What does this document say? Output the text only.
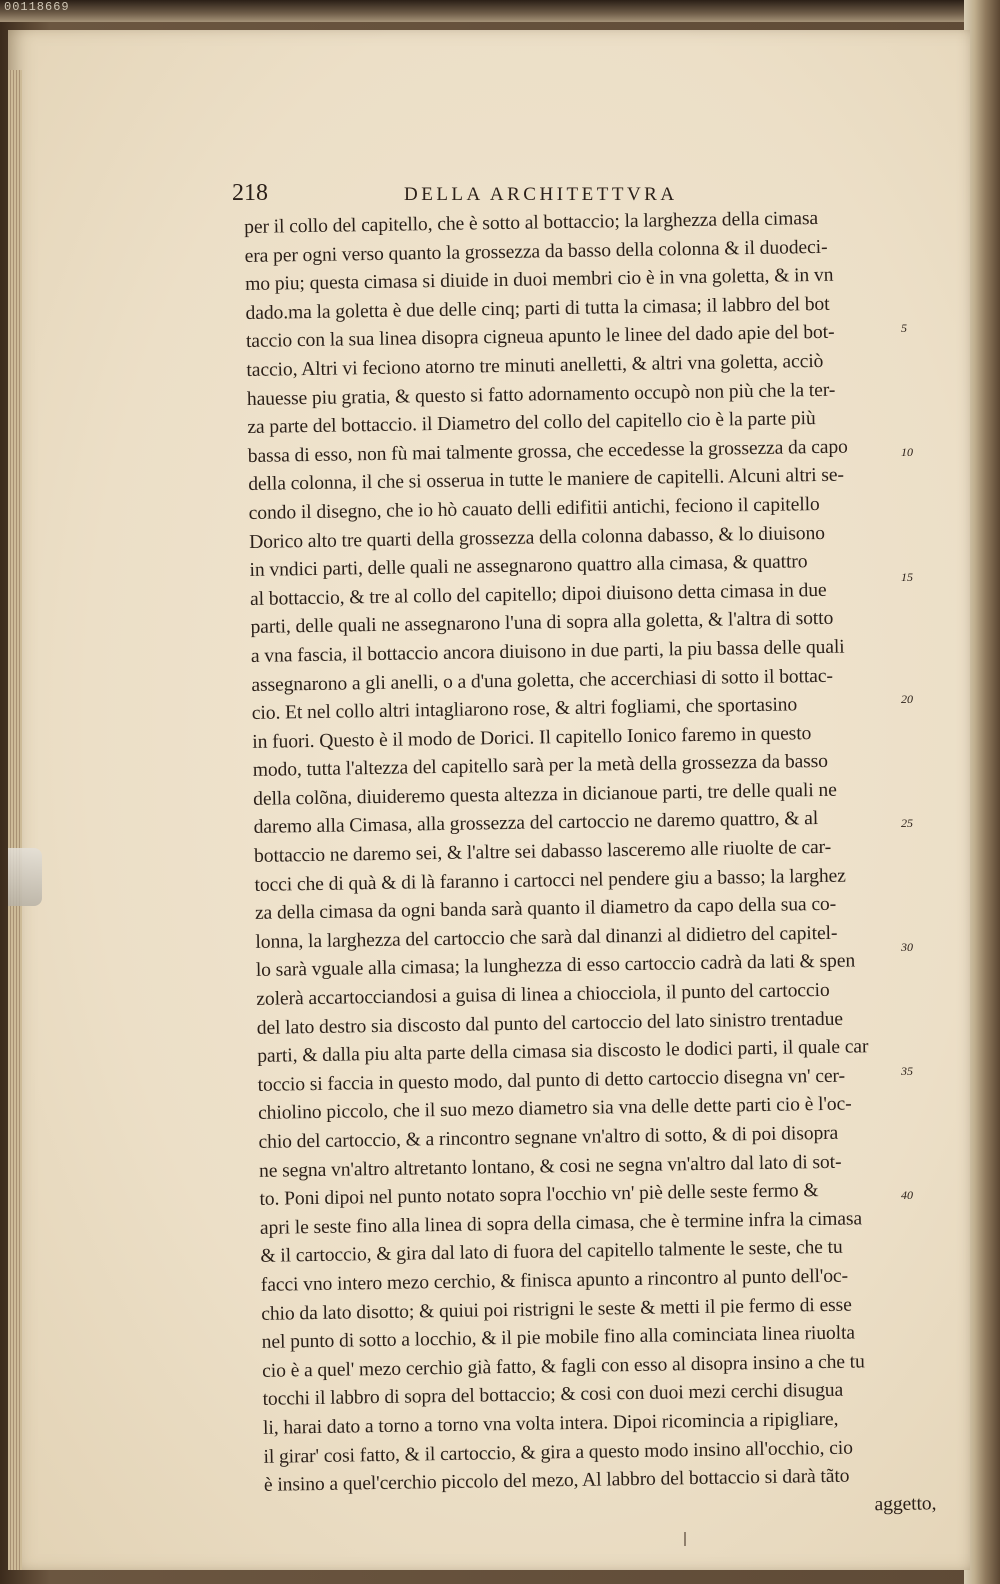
00118669
218	DELLA ARCHITETTVRA
per il collo del capitello, che è sotto al bottaccio; la larghezza della cimasa
era per ogni verso quanto la grossezza da basso della colonna & il duodeci-
mo piu; questa cimasa si diuide in duoi membri cio è in vna goletta, & in vn
dado.ma la goletta è due delle cinq; parti di tutta la cimasa; il labbro del bot
taccio con la sua linea disopra cigneua apunto le linee del dado apie del bot-
taccio, Altri vi feciono atorno tre minuti anelletti, & altri vna goletta, acciò
hauesse piu gratia, & questo si fatto adornamento occupò non più che la ter-
za parte del bottaccio. il Diametro del collo del capitello cio è la parte più
bassa di esso, non fù mai talmente grossa, che eccedesse la grossezza da capo
della colonna, il che si osserua in tutte le maniere de capitelli. Alcuni altri se-
condo il disegno, che io hò cauato delli edifitii antichi, feciono il capitello
Dorico alto tre quarti della grossezza della colonna dabasso, & lo diuisono
in vndici parti, delle quali ne assegnarono quattro alla cimasa, & quattro
al bottaccio, & tre al collo del capitello; dipoi diuisono detta cimasa in due
parti, delle quali ne assegnarono l'una di sopra alla goletta, & l'altra di sotto
a vna fascia, il bottaccio ancora diuisono in due parti, la piu bassa delle quali
assegnarono a gli anelli, o a d'una goletta, che accerchiasi di sotto il bottac-
cio. Et nel collo altri intagliarono rose, & altri fogliami, che sportasino
in fuori. Questo è il modo de Dorici. Il capitello Ionico faremo in questo
modo, tutta l'altezza del capitello sarà per la metà della grossezza da basso
della colõna, diuideremo questa altezza in dicianoue parti, tre delle quali ne
daremo alla Cimasa, alla grossezza del cartoccio ne daremo quattro, & al
bottaccio ne daremo sei, & l'altre sei dabasso lasceremo alle riuolte de car-
tocci che di quà & di là faranno i cartocci nel pendere giu a basso; la larghez
za della cimasa da ogni banda sarà quanto il diametro da capo della sua co-
lonna, la larghezza del cartoccio che sarà dal dinanzi al didietro del capitel-
lo sarà vguale alla cimasa; la lunghezza di esso cartoccio cadrà da lati & spen
zolerà accartocciandosi a guisa di linea a chiocciola, il punto del cartoccio
del lato destro sia discosto dal punto del cartoccio del lato sinistro trentadue
parti, & dalla piu alta parte della cimasa sia discosto le dodici parti, il quale car
toccio si faccia in questo modo, dal punto di detto cartoccio disegna vn' cer-
chiolino piccolo, che il suo mezo diametro sia vna delle dette parti cio è l'oc-
chio del cartoccio, & a rincontro segnane vn'altro di sotto, & di poi disopra
ne segna vn'altro altretanto lontano, & cosi ne segna vn'altro dal lato di sot-
to. Poni dipoi nel punto notato sopra l'occhio vn' piè delle seste fermo &
apri le seste fino alla linea di sopra della cimasa, che è termine infra la cimasa
& il cartoccio, & gira dal lato di fuora del capitello talmente le seste, che tu
facci vno intero mezo cerchio, & finisca apunto a rincontro al punto dell'oc-
chio da lato disotto; & quiui poi ristrigni le seste & metti il pie fermo di esse
nel punto di sotto a locchio, & il pie mobile fino alla cominciata linea riuolta
cio è a quel' mezo cerchio già fatto, & fagli con esso al disopra insino a che tu
tocchi il labbro di sopra del bottaccio; & cosi con duoi mezi cerchi disugua
li, harai dato a torno a torno vna volta intera. Dipoi ricomincia a ripigliare,
il girar' cosi fatto, & il cartoccio, & gira a questo modo insino all'occhio, cio
è insino a quel'cerchio piccolo del mezo, Al labbro del bottaccio si darà tãto
aggetto,
5
10
15
20
25
30
35
40
